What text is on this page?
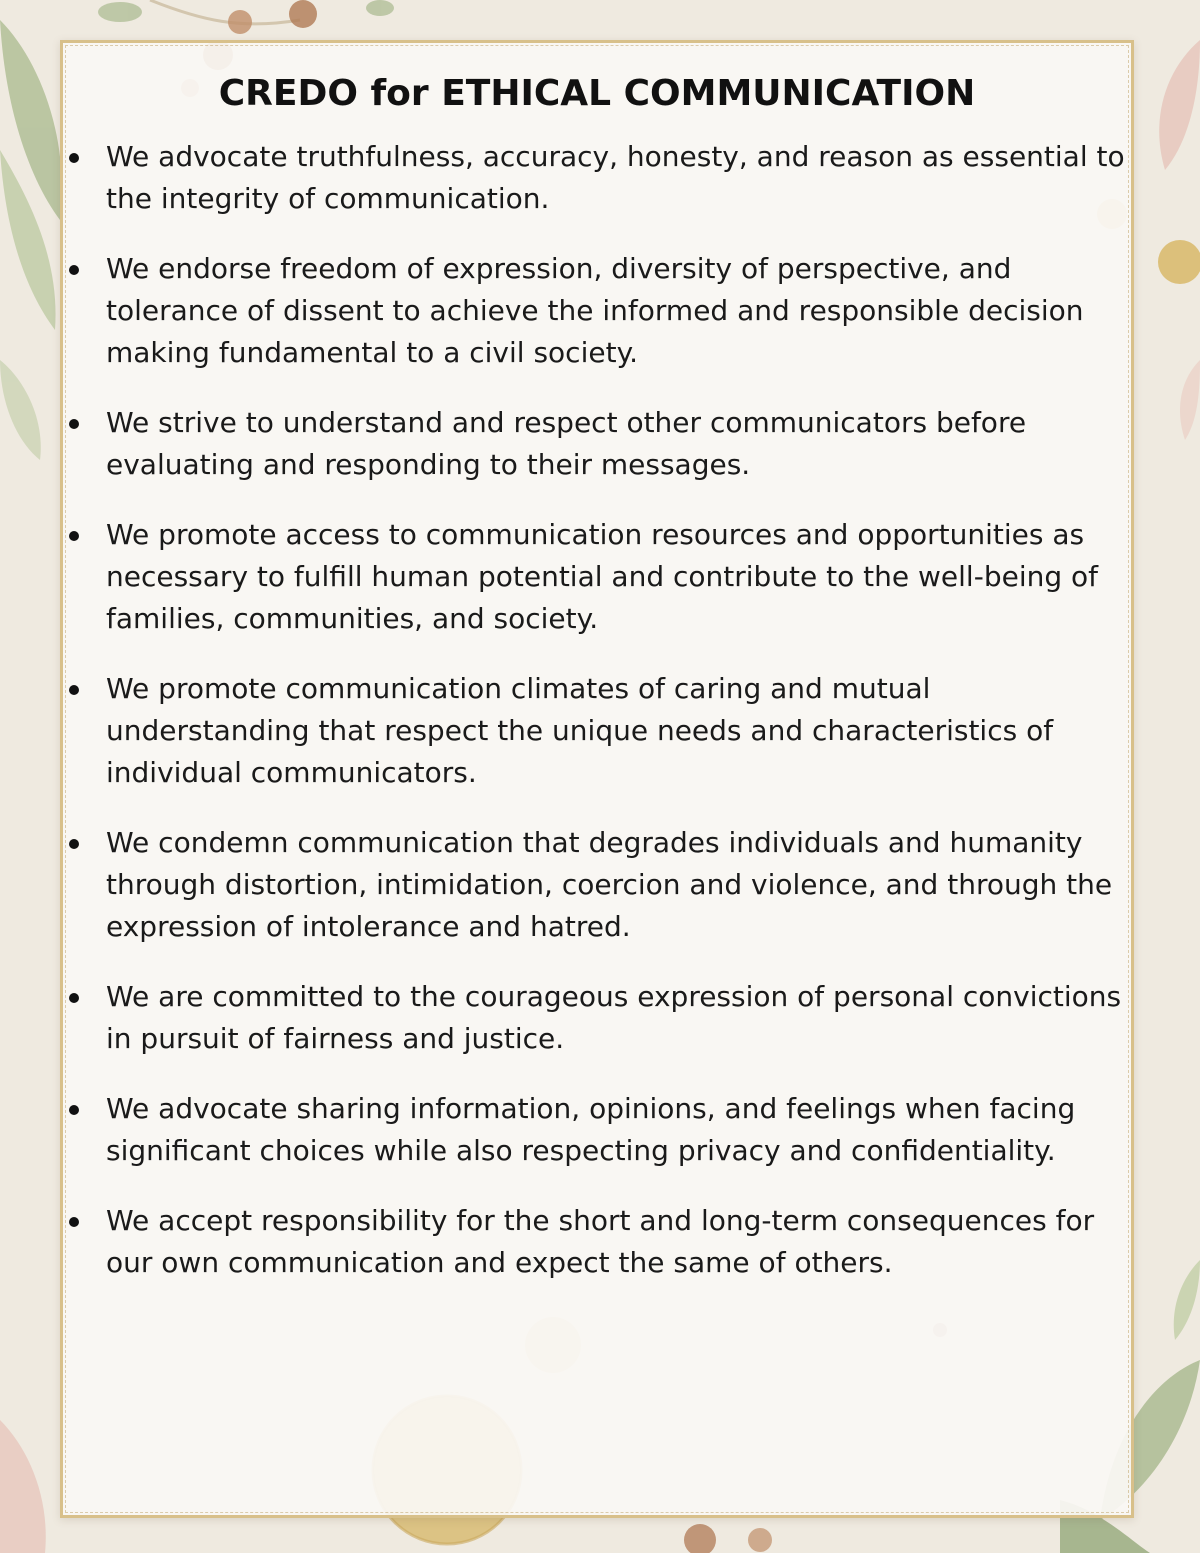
CREDO for ETHICAL COMMUNICATION
We advocate truthfulness, accuracy, honesty, and reason as essential to the integrity of communication.
We endorse freedom of expression, diversity of perspective, and tolerance of dissent to achieve the informed and responsible decision making fundamental to a civil society.
We strive to understand and respect other communicators before evaluating and responding to their messages.
We promote access to communication resources and opportunities as necessary to fulfill human potential and contribute to the well-being of families, communities, and society.
We promote communication climates of caring and mutual understanding that respect the unique needs and characteristics of individual communicators.
We condemn communication that degrades individuals and humanity through distortion, intimidation, coercion and violence, and through the expression of intolerance and hatred.
We are committed to the courageous expression of personal convictions in pursuit of fairness and justice.
We advocate sharing information, opinions, and feelings when facing significant choices while also respecting privacy and confidentiality.
We accept responsibility for the short and long-term consequences for our own communication and expect the same of others.
